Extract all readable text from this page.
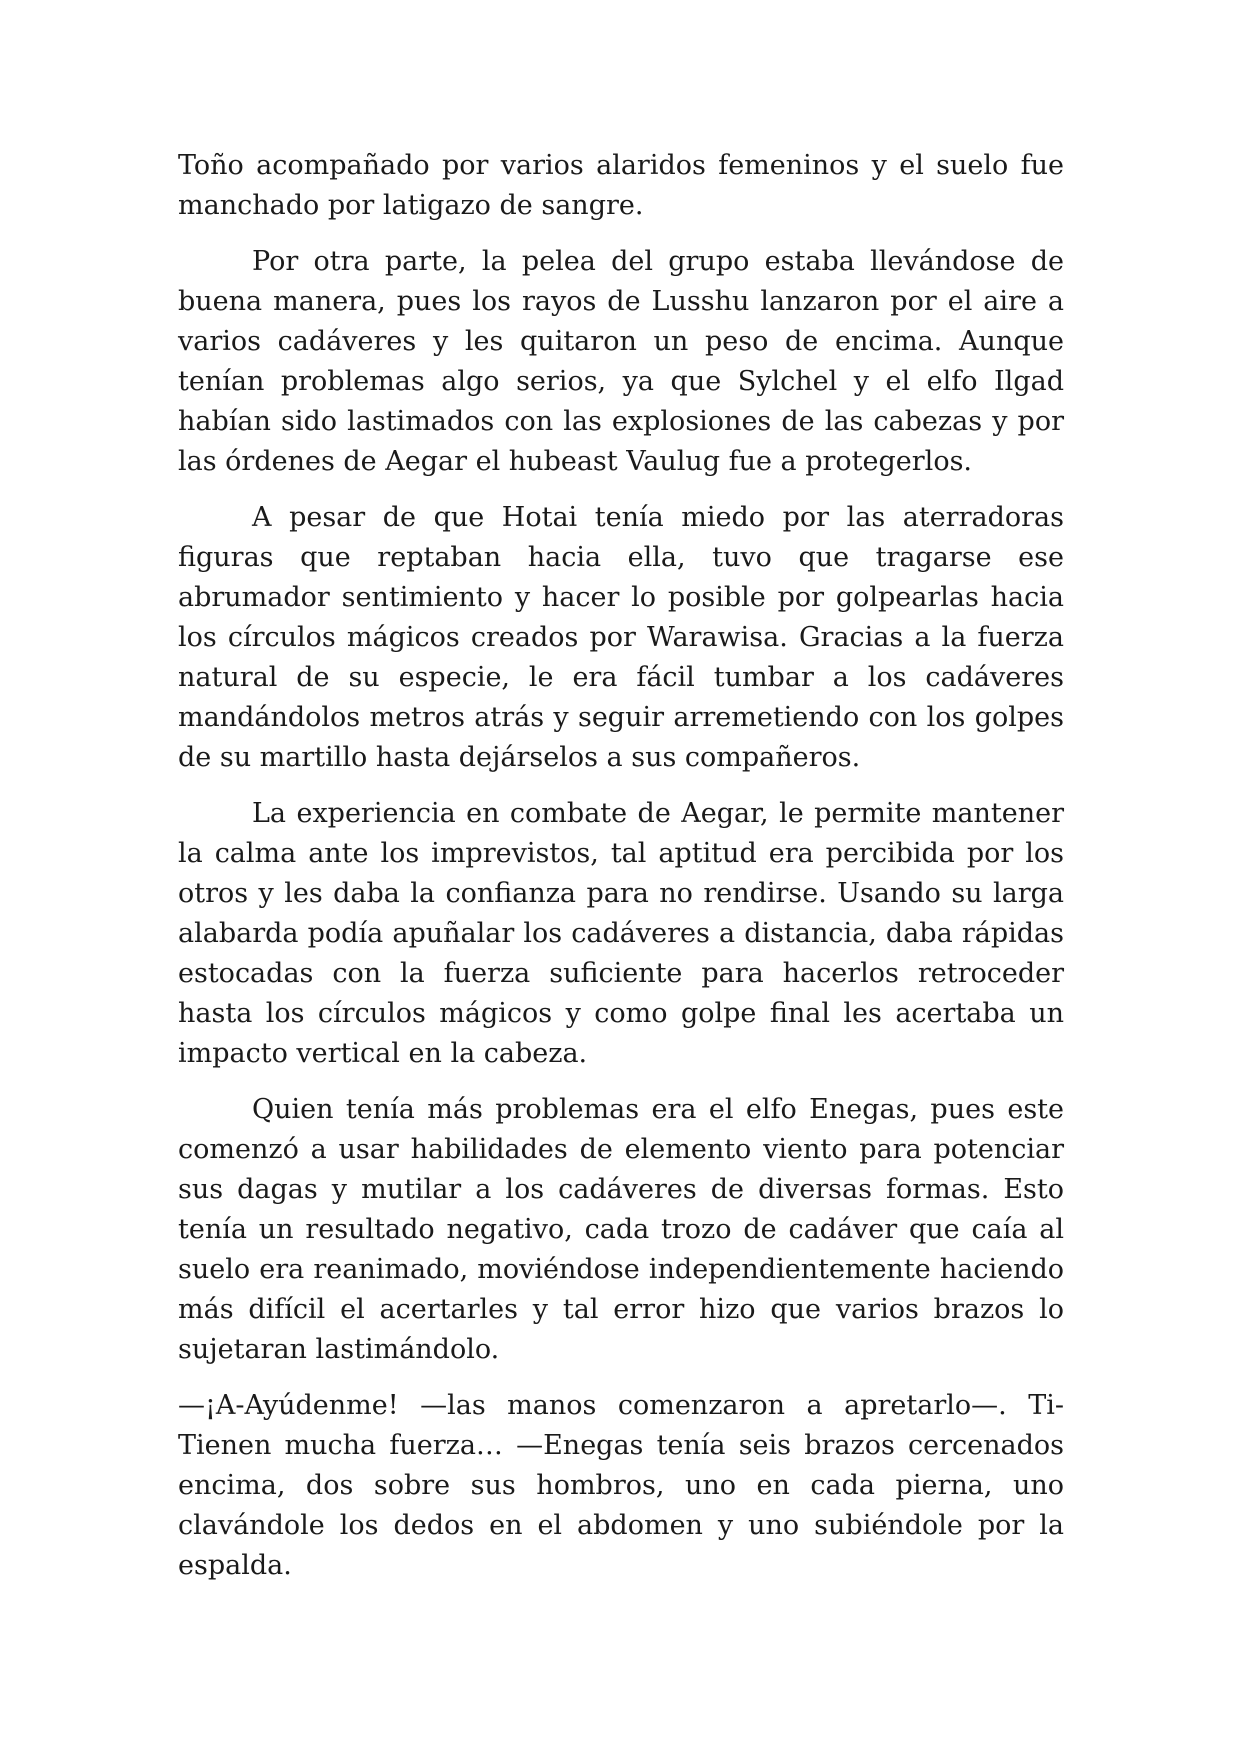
Toño acompañado por varios alaridos femeninos y el suelo fue manchado por latigazo de sangre.

Por otra parte, la pelea del grupo estaba llevándose de buena manera, pues los rayos de Lusshu lanzaron por el aire a varios cadáveres y les quitaron un peso de encima. Aunque tenían problemas algo serios, ya que Sylchel y el elfo Ilgad habían sido lastimados con las explosiones de las cabezas y por las órdenes de Aegar el hubeast Vaulug fue a protegerlos.

A pesar de que Hotai tenía miedo por las aterradoras figuras que reptaban hacia ella, tuvo que tragarse ese abrumador sentimiento y hacer lo posible por golpearlas hacia los círculos mágicos creados por Warawisa. Gracias a la fuerza natural de su especie, le era fácil tumbar a los cadáveres mandándolos metros atrás y seguir arremetiendo con los golpes de su martillo hasta dejárselos a sus compañeros.

La experiencia en combate de Aegar, le permite mantener la calma ante los imprevistos, tal aptitud era percibida por los otros y les daba la confianza para no rendirse. Usando su larga alabarda podía apuñalar los cadáveres a distancia, daba rápidas estocadas con la fuerza suficiente para hacerlos retroceder hasta los círculos mágicos y como golpe final les acertaba un impacto vertical en la cabeza.

Quien tenía más problemas era el elfo Enegas, pues este comenzó a usar habilidades de elemento viento para potenciar sus dagas y mutilar a los cadáveres de diversas formas. Esto tenía un resultado negativo, cada trozo de cadáver que caía al suelo era reanimado, moviéndose independientemente haciendo más difícil el acertarles y tal error hizo que varios brazos lo sujetaran lastimándolo.

—¡A-Ayúdenme! —las manos comenzaron a apretarlo—. Ti-Tienen mucha fuerza… —Enegas tenía seis brazos cercenados encima, dos sobre sus hombros, uno en cada pierna, uno clavándole los dedos en el abdomen y uno subiéndole por la espalda.
